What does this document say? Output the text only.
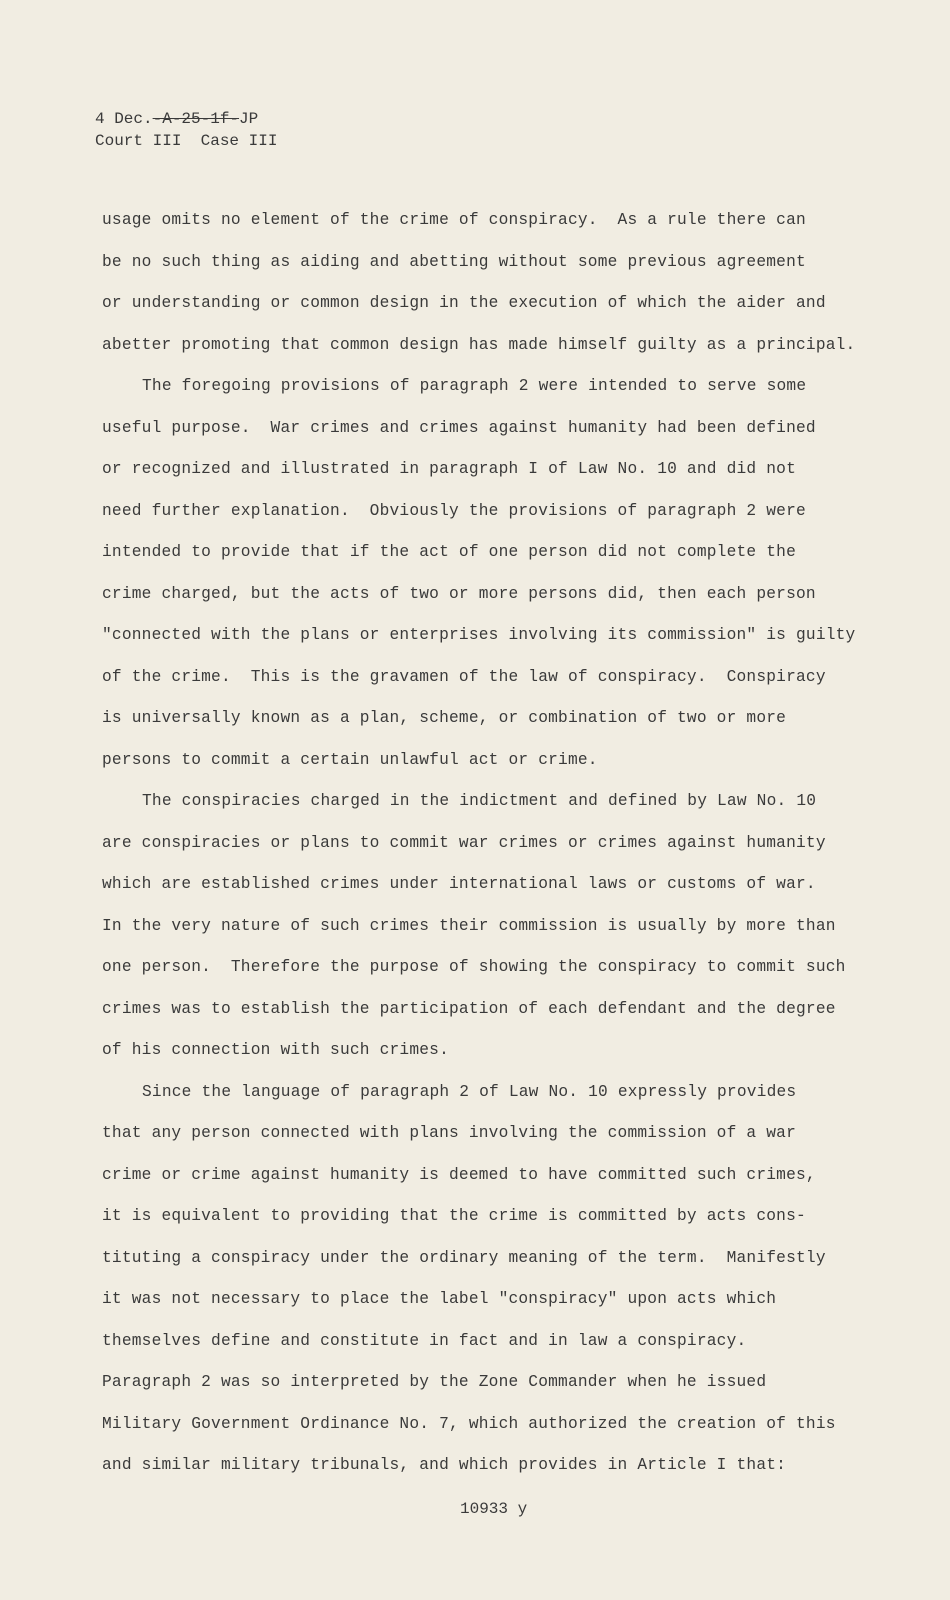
4 Dec.-A-25-1f-JP
Court III  Case III
usage omits no element of the crime of conspiracy.  As a rule there can
be no such thing as aiding and abetting without some previous agreement
or understanding or common design in the execution of which the aider and
abetter promoting that common design has made himself guilty as a principal.
The foregoing provisions of paragraph 2 were intended to serve some
useful purpose.  War crimes and crimes against humanity had been defined
or recognized and illustrated in paragraph I of Law No. 10 and did not
need further explanation.  Obviously the provisions of paragraph 2 were
intended to provide that if the act of one person did not complete the
crime charged, but the acts of two or more persons did, then each person
"connected with the plans or enterprises involving its commission" is guilty
of the crime.  This is the gravamen of the law of conspiracy.  Conspiracy
is universally known as a plan, scheme, or combination of two or more
persons to commit a certain unlawful act or crime.
The conspiracies charged in the indictment and defined by Law No. 10
are conspiracies or plans to commit war crimes or crimes against humanity
which are established crimes under international laws or customs of war.
In the very nature of such crimes their commission is usually by more than
one person.  Therefore the purpose of showing the conspiracy to commit such
crimes was to establish the participation of each defendant and the degree
of his connection with such crimes.
Since the language of paragraph 2 of Law No. 10 expressly provides
that any person connected with plans involving the commission of a war
crime or crime against humanity is deemed to have committed such crimes,
it is equivalent to providing that the crime is committed by acts cons-
tituting a conspiracy under the ordinary meaning of the term.  Manifestly
it was not necessary to place the label "conspiracy" upon acts which
themselves define and constitute in fact and in law a conspiracy.
Paragraph 2 was so interpreted by the Zone Commander when he issued
Military Government Ordinance No. 7, which authorized the creation of this
and similar military tribunals, and which provides in Article I that:
10933 y
